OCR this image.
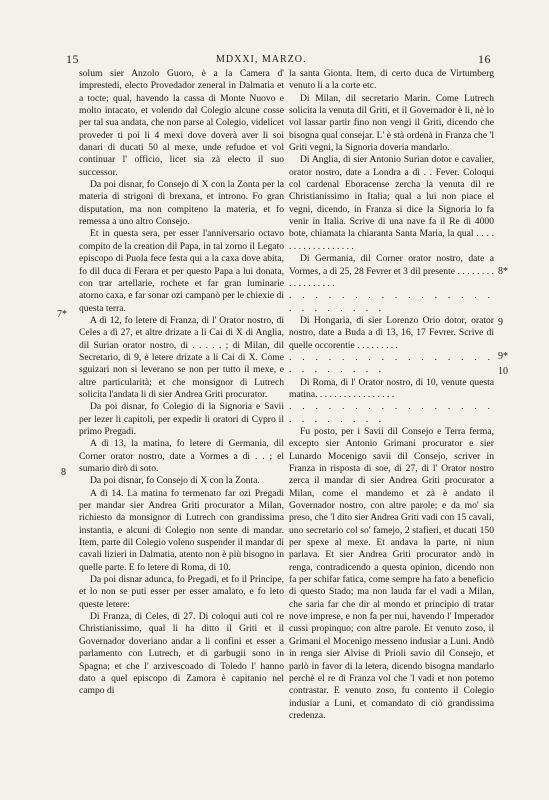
15	MDXXI, MARZO.	16
7*
8
8*
9
9*
10

solum sier Anzolo Guoro, è a la Camera d' imprestedi, electo Provedador zeneral in Dalmatia et a tocte; qual, havendo la cassa di Monte Nuovo e molto intacato, et volendo dal Colegio alcune cosse per tal sua andata, che non parse al Colegio, videlicet proveder ti poi li 4 mexi dove doverà aver li soi danari di ducati 50 al mexe, unde refudoe et vol continuar l' officio, licet sia zà electo il suo successor.

Da poi disnar, fo Consejo di X con la Zonta per la materia di strigoni di brexana, et introno. Fo gran disputation, ma non compiteno la materia, et fo remessa a uno altro Consejo.

Et in questa sera, per esser l'anniversario octavo compito de la creation dil Papa, in tal zorno il Legato episcopo di Puola fece festa qui a la caxa dove abita, fo dil duca di Ferara et per questo Papa a lui donata, con trar artellarie, rochete et far gran luminarie atorno caxa, e far sonar ozi campanò per le chiexie di questa terra.

A dì 12, fo letere di Franza, di l' Orator nostro, di Celes a dì 27, et altre drizate a li Cai di X di Anglia, dil Surian orator nostro, di . . . . . ; di Milan, dil Secretario, di 9, è letere drizate a li Cai di X. Come sguizari non si leverano se non per tutto il mexe, e altre particularità; et che monsignor di Lutrech solicita l'andata li di sier Andrea Griti procurator.

Da poi disnar, fo Colegio di la Signoria e Savii per lezer li capitoli, per expedir li oratori di Cypro il primo Pregadi.

A dì 13, la matina, fo letere di Germania, dil Corner orator nostro, date a Vormes a dì . . ; el sumario dirò di soto.

Da poi disnar, fo Consejo di X con la Zonta.

A dì 14. La matina fo termenato far ozi Pregadi per mandar sier Andrea Griti procurator a Milan, richiesto da monsignor di Lutrech con grandissima instantia, e alcuni di Colegio non sente di mandar. Item, parte dil Colegio voleno suspender il mandar di cavali lizieri in Dalmatia, atento non è più bisogno in quelle parte. E fo letere di Roma, di 10.

Da poi disnar adunca, fo Pregadi, et fo il Principe, et lo non se puti esser per esser amalato, e fo leto queste letere:

Di Franza, di Celes, di 27. Di coloqui auti col re Christianissimo, qual li ha ditto il Griti et il Governador doveriano andar a li confini et esser a parlamento con Lutrech, et di garbugii sono in Spagna; et che l' arzivescoado di Toledo l' hanno dato a quel episcopo di Zamora è capitanio nel campo di

la santa Gionta. Item, di certo duca de Virtumberg venuto li a la corte etc.

Di Milan, dil secretario Marin. Come Lutrech solicita la venuta dil Griti, et il Governador è li, nè lo vol lassar partir fino non vengi il Griti, dicendo che bisogna qual consejar. L' è stà ordenà in Franza che 'l Griti vegni, la Signoria doveria mandarlo.

Di Anglia, di sier Antonio Surian dotor e cavalier, orator nostro, date a Londra a dì . . Fever. Coloqui col cardenal Eboracense zercha la venuta dil re Christianissimo in Italia; qual a lui non piace el vegni, dicendo, in Franza si dice la Signoria lo fa venir in Italia. Scrive di una nave fa il Re di 4000 bote, chiamata la chiaranta Santa Maria, la qual . . . . . . . . . . . . . . . . . .

Di Germania, dil Corner orator nostro, date a Vormes, a dì 25, 28 Fevrer et 3 dil presente . . . . . . . . . . . . . . . . . .

. . . . . . . . . . . . . . . . . . . . . . . .

Di Hongaria, di sier Lorenzo Orio dotor, orator nostro, date a Buda a dì 13, 16, 17 Fevrer. Scrive di quelle occorentie . . . . . . . . .

. . . . . . . . . . . . . . . . . . . . . . . .

Di Roma, di l' Orator nostro, di 10, venute questa matina. . . . . . . . . . . . . . . . .

. . . . . . . . . . . . . . . . . . . . . . . .

Fu posto, per i Savii dil Consejo e Terra ferma, excepto sier Antonio Grimani procurator e sier Lunardo Mocenigo savii dil Consejo, scriver in Franza in risposta di soe, di 27, di l' Orator nostro zerca il mandar di sier Andrea Griti procurator a Milan, come el mandemo et zà è andato il Governador nostro, con altre parole; e da mo' sia preso, che 'l dito sier Andrea Griti vadi con 15 cavali, uno secretario col so' famejo, 2 stafieri, et ducati 150 per spexe al mexe. Et andava la parte, nì niun parlava. Et sier Andrea Griti procurator andò in renga, contradicendo a questa opinion, dicendo non fa per schifar fatica, come sempre ha fato a beneficio di questo Stado; ma non lauda far el vadi a Milan, che saria far che dir al mondo et principio di tratar nove imprese, e non fa per nui, havendo l' Imperador cussi propinquo; con altre parole. Et venuto zoso, il Grimani el Mocenigo messeno indusiar a Luni. Andò in renga sier Alvise di Prioli savio dil Consejo, et parlò in favor di la letera, dicendo bisogna mandarlo perchè el re di Franza vol che 'l vadi et non potemo contrastar. E venuto zoso, fu contento il Colegio indusiar a Luni, et comandato di ciò grandissima credenza.
